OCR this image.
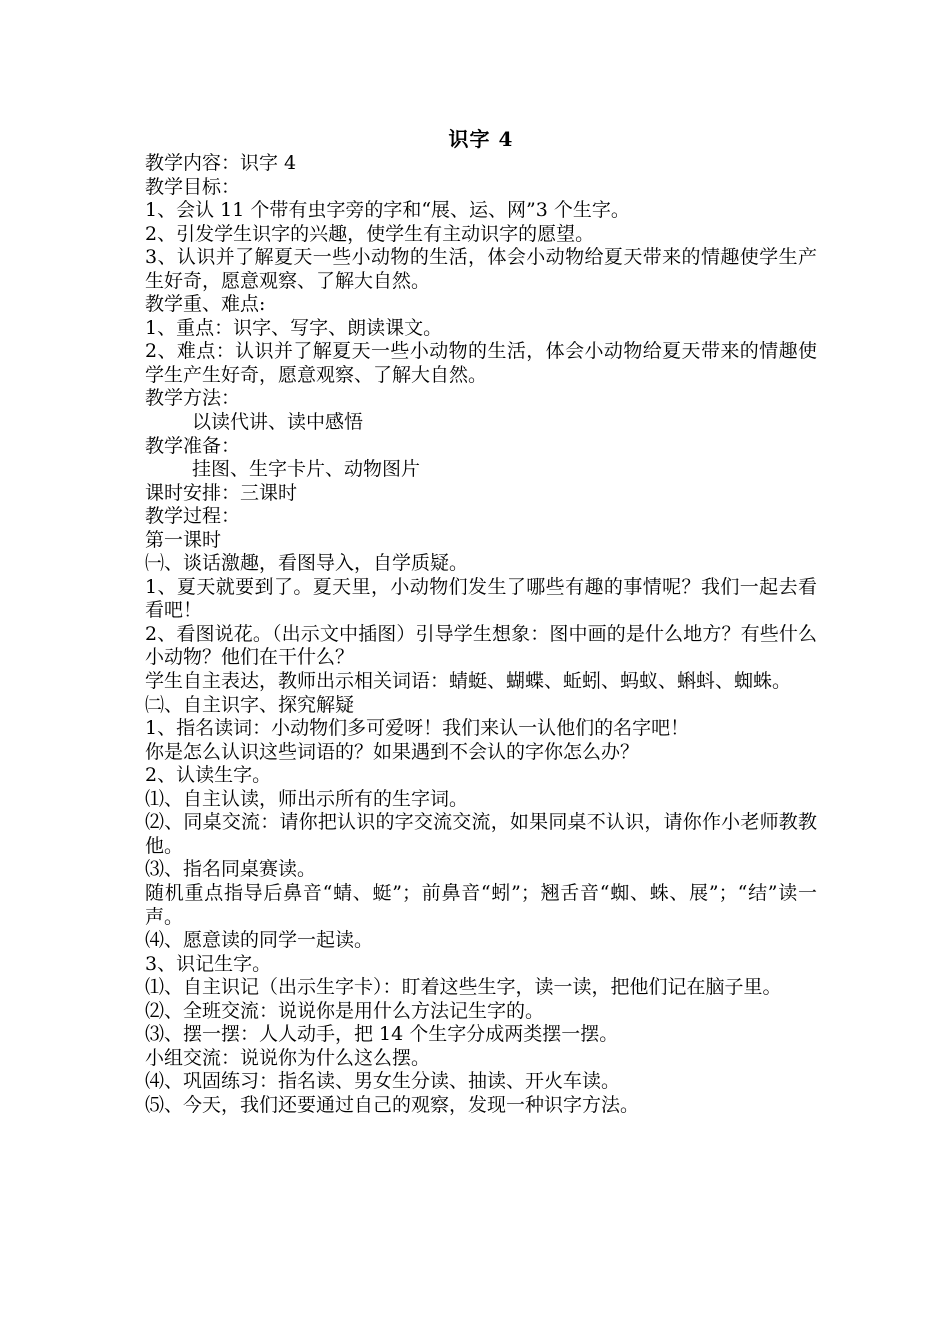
识字 4
教学内容：识字 4
教学目标：
1、会认 11 个带有虫字旁的字和“展、运、网”3 个生字。
2、引发学生识字的兴趣，使学生有主动识字的愿望。
3、认识并了解夏天一些小动物的生活，体会小动物给夏天带来的情趣使学生产生好奇，愿意观察、了解大自然。
教学重、难点:
1、重点：识字、写字、朗读课文。
2、难点：认识并了解夏天一些小动物的生活，体会小动物给夏天带来的情趣使学生产生好奇，愿意观察、了解大自然。
教学方法：
以读代讲、读中感悟
教学准备：
挂图、生字卡片、动物图片
课时安排：三课时
教学过程：
第一课时
㈠、谈话激趣，看图导入，自学质疑。
1、夏天就要到了。夏天里，小动物们发生了哪些有趣的事情呢？我们一起去看看吧！
2、看图说花。（出示文中插图）引导学生想象：图中画的是什么地方？有些什么小动物？他们在干什么？
学生自主表达，教师出示相关词语：蜻蜓、蝴蝶、蚯蚓、蚂蚁、蝌蚪、蜘蛛。
㈡、自主识字、探究解疑
1、指名读词：小动物们多可爱呀！我们来认一认他们的名字吧！
你是怎么认识这些词语的？如果遇到不会认的字你怎么办？
2、认读生字。
⑴、自主认读，师出示所有的生字词。
⑵、同桌交流：请你把认识的字交流交流，如果同桌不认识，请你作小老师教教他。
⑶、指名同桌赛读。
随机重点指导后鼻音“蜻、蜓”；前鼻音“蚓”；翘舌音“蜘、蛛、展”；“结”读一声。
⑷、愿意读的同学一起读。
3、识记生字。
⑴、自主识记（出示生字卡）：盯着这些生字，读一读，把他们记在脑子里。
⑵、全班交流：说说你是用什么方法记生字的。
⑶、摆一摆：人人动手，把 14 个生字分成两类摆一摆。
小组交流：说说你为什么这么摆。
⑷、巩固练习：指名读、男女生分读、抽读、开火车读。
⑸、今天，我们还要通过自己的观察，发现一种识字方法。
